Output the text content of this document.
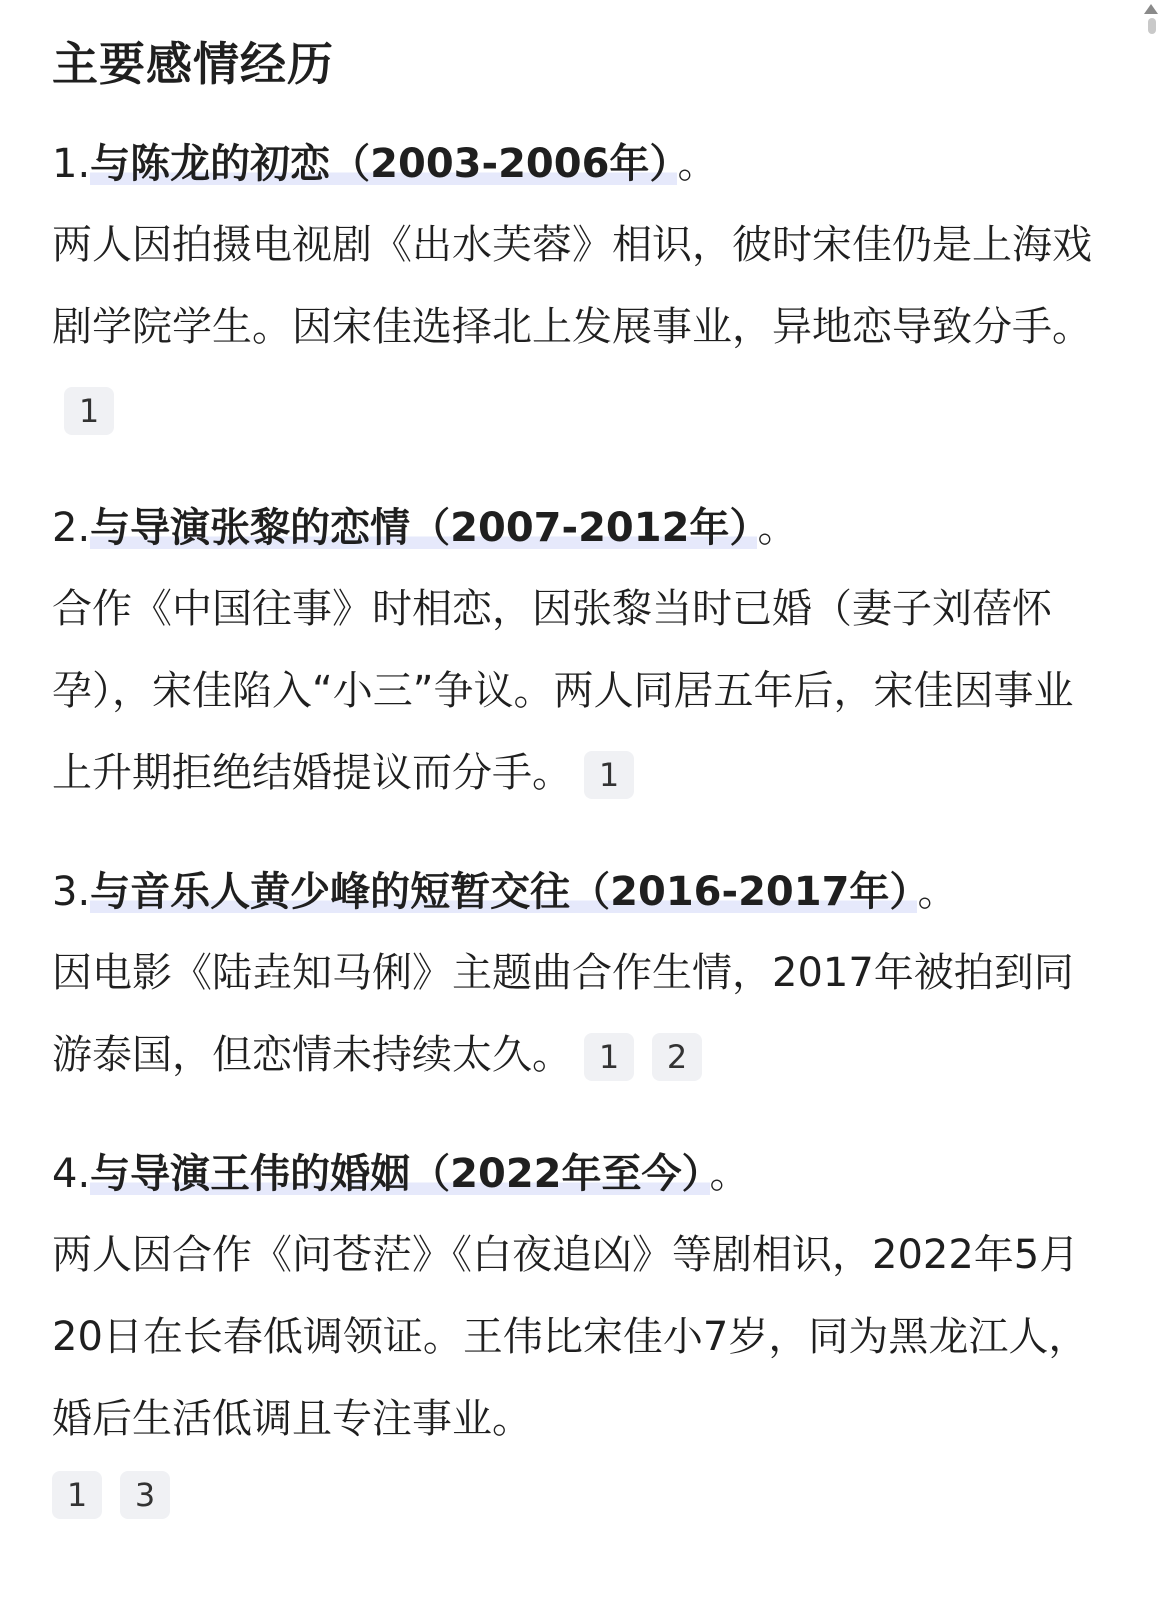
主要感情经历

1.与陈龙的初恋（2003-2006年） 。

两人因拍摄电视剧《出水芙蓉》相识，彼时宋佳仍是上海戏剧学院学生。因宋佳选择北上发展事业，异地恋导致分手。1

2.与导演张黎的恋情（2007-2012年） 。

合作《中国往事》时相恋，因张黎当时已婚（妻子刘蓓怀孕），宋佳陷入“小三”争议。两人同居五年后，宋佳因事业上升期拒绝结婚提议而分手。 1

3.与音乐人黄少峰的短暂交往（2016-2017年） 。

因电影《陆垚知马俐》主题曲合作生情，2017年被拍到同游泰国，但恋情未持续太久。 1 2

4.与导演王伟的婚姻（2022年至今） 。

两人因合作《问苍茫》《白夜追凶》等剧相识，2022年5月20日在长春低调领证。王伟比宋佳小7岁，同为黑龙江人，婚后生活低调且专注事业。

1 3
